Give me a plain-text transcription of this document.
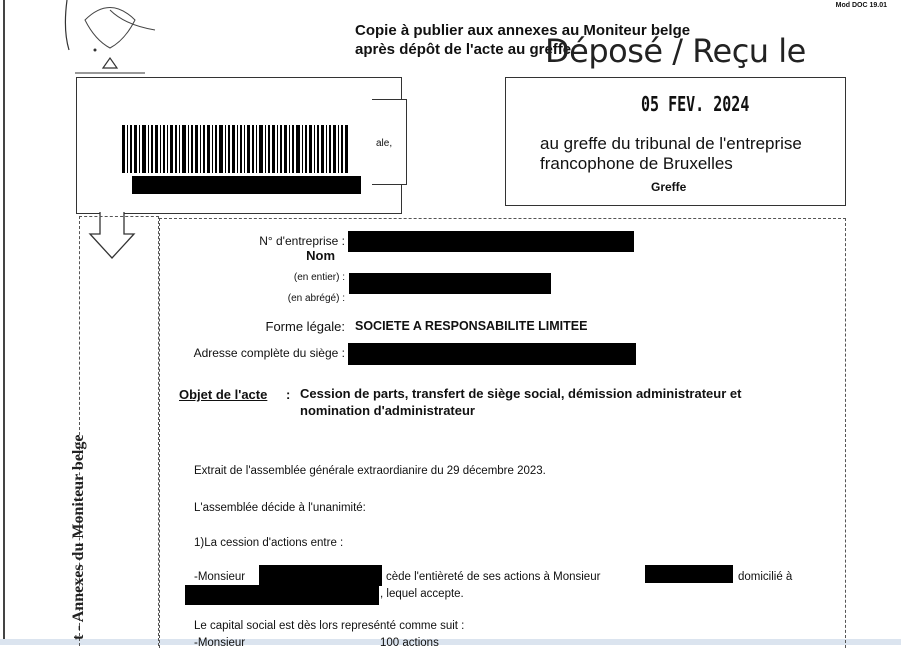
Mod DOC 19.01
Copie à publier aux annexes au Moniteur belge
après dépôt de l'acte au greffe
Déposé / Reçu le
ale,
05 FEV. 2024
au greffe du tribunal de l'entreprise
francophone de Bruxelles
Greffe
t - Annexes du Moniteur belge
N° d'entreprise :
Nom
(en entier) :
(en abrégé) :
Forme légale: SOCIETE A RESPONSABILITE LIMITEE
Adresse complète du siège :
Objet de l'acte : Cession de parts, transfert de siège social, démission administrateur et
nomination d'administrateur
Extrait de l'assemblée générale extraordianire du 29 décembre 2023.
L'assemblée décide à l'unanimité:
1)La cession d'actions entre :
-Monsieur	cède l'entièreté de ses actions à Monsieur	domicilié à
, lequel accepte.
Le capital social est dès lors represénté comme suit :
-Monsieur	100 actions
